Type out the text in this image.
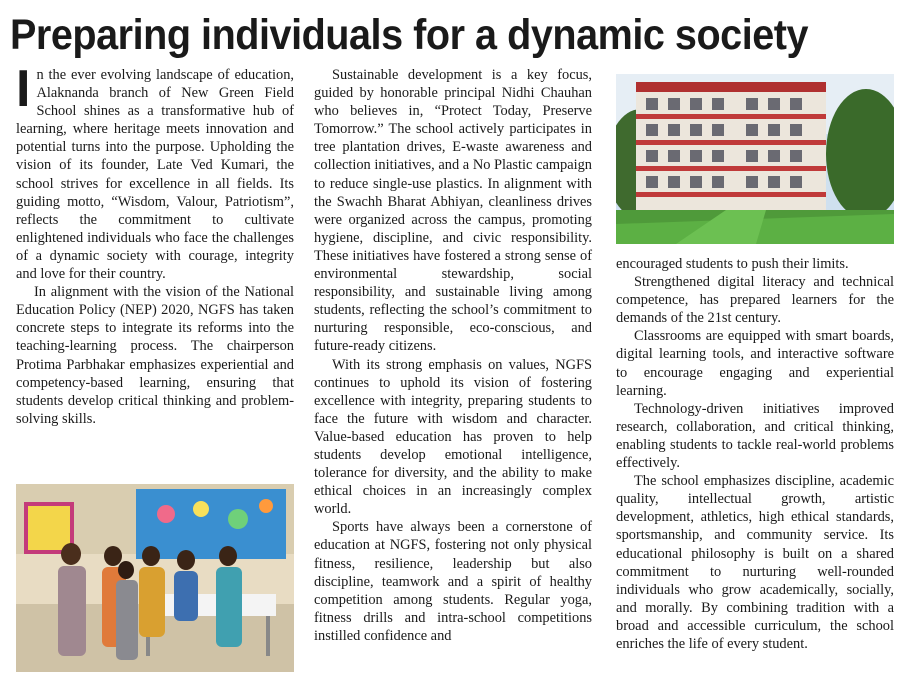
Preparing individuals for a dynamic society

In the ever evolving landscape of education, Alaknanda branch of New Green Field School shines as a transformative hub of learning, where heritage meets innovation and potential turns into the purpose. Upholding the vision of its founder, Late Ved Kumari, the school strives for excellence in all fields. Its guiding motto, “Wisdom, Valour, Patriotism”, reflects the commitment to cultivate enlightened individuals who face the challenges of a dynamic society with courage, integrity and love for their country.

In alignment with the vision of the National Education Policy (NEP) 2020, NGFS has taken concrete steps to integrate its reforms into the teaching-learning process. The chairperson Protima Parbhakar emphasizes experiential and competency-based learning, ensuring that students develop critical thinking and problem-solving skills.

Sustainable development is a key focus, guided by honorable principal Nidhi Chauhan who believes in, “Protect Today, Preserve Tomorrow.” The school actively participates in tree plantation drives, E-waste awareness and collection initiatives, and a No Plastic campaign to reduce single-use plastics. In alignment with the Swachh Bharat Abhiyan, cleanliness drives were organized across the campus, promoting hygiene, discipline, and civic responsibility. These initiatives have fostered a strong sense of environmental stewardship, social responsibility, and sustainable living among students, reflecting the school’s commitment to nurturing responsible, eco-conscious, and future-ready citizens.

With its strong emphasis on values, NGFS continues to uphold its vision of fostering excellence with integrity, preparing students to face the future with wisdom and character. Value-based education has proven to help students develop emotional intelligence, tolerance for diversity, and the ability to make ethical choices in an increasingly complex world.

Sports have always been a cornerstone of education at NGFS, fostering not only physical fitness, resilience, leadership but also discipline, teamwork and a spirit of healthy competition among students. Regular yoga, fitness drills and intra-school competitions instilled confidence and

encouraged students to push their limits.

Strengthened digital literacy and technical competence, has prepared learners for the demands of the 21st century.

Classrooms are equipped with smart boards, digital learning tools, and interactive software to encourage engaging and experiential learning.

Technology-driven initiatives improved research, collaboration, and critical thinking, enabling students to tackle real-world problems effectively.

The school emphasizes discipline, academic quality, intellectual growth, artistic development, athletics, high ethical standards, sportsmanship, and community service. Its educational philosophy is built on a shared commitment to nurturing well-rounded individuals who grow academically, socially, and morally. By combining tradition with a broad and accessible curriculum, the school enriches the life of every student.
